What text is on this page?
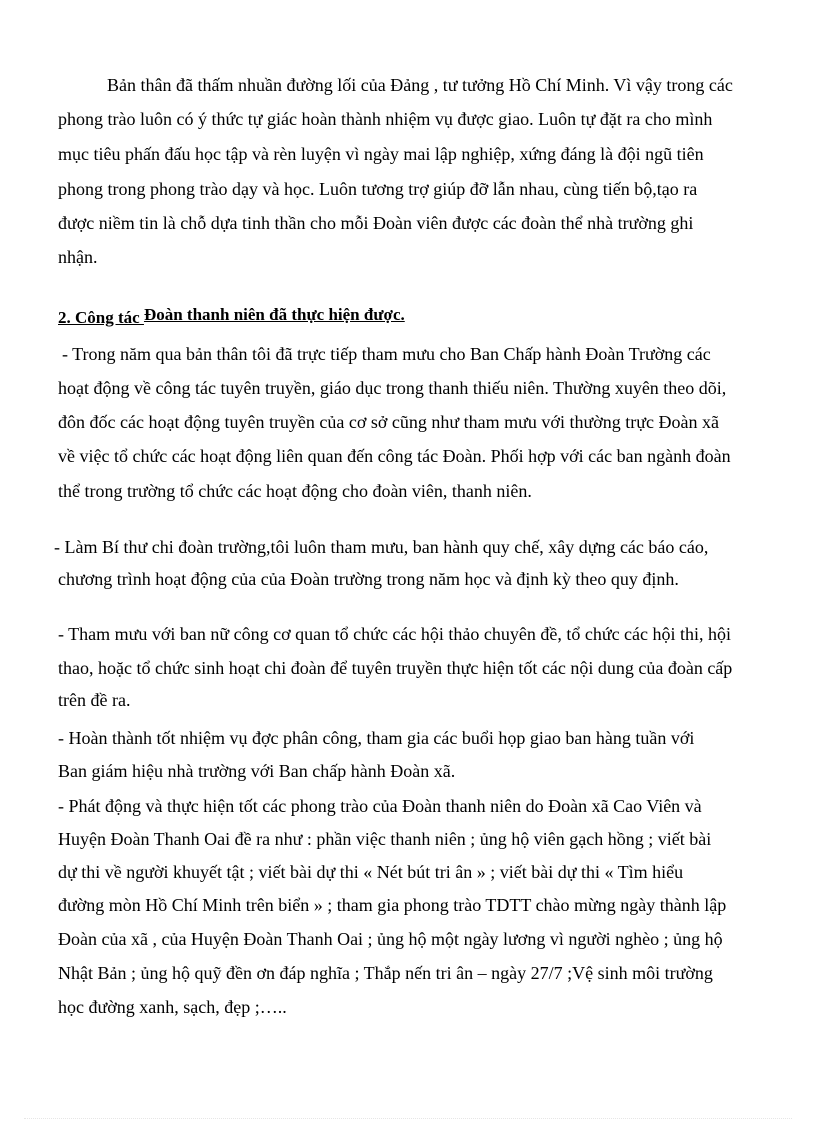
Bản thân đã thấm nhuần đường lối của Đảng , tư tưởng Hồ Chí Minh. Vì vậy trong các
phong trào luôn có ý thức tự giác hoàn thành nhiệm vụ được giao. Luôn tự đặt ra cho mình
mục tiêu phấn đấu học tập và rèn luyện vì ngày mai lập nghiệp, xứng đáng là đội ngũ tiên
phong trong phong trào dạy và học. Luôn tương trợ giúp đỡ lẫn nhau, cùng tiến bộ,tạo ra
được niềm tin là chỗ dựa tinh thần cho mỗi Đoàn viên được các đoàn thể nhà trường ghi
nhận.
2. Công tác Đoàn thanh niên đã thực hiện được.
- Trong năm qua bản thân tôi đã trực tiếp tham mưu cho Ban Chấp hành Đoàn Trường các
hoạt động về công tác tuyên truyền, giáo dục trong thanh thiếu niên. Thường xuyên theo dõi,
đôn đốc các hoạt động tuyên truyền của cơ sở cũng như tham mưu với thường trực Đoàn xã
về việc tổ chức các hoạt động liên quan đến công tác Đoàn. Phối hợp với các ban ngành đoàn
thể trong trường tổ chức các hoạt động cho đoàn viên, thanh niên.
- Làm Bí thư chi đoàn trường,tôi luôn tham mưu, ban hành quy chế, xây dựng các báo cáo,
chương trình hoạt động của của Đoàn trường trong năm học và định kỳ theo quy định.
- Tham mưu với ban nữ công cơ quan tổ chức các hội thảo chuyên đề, tổ chức các hội thi, hội
thao, hoặc tổ chức sinh hoạt chi đoàn để tuyên truyền thực hiện tốt các nội dung của đoàn cấp
trên đề ra.
- Hoàn thành tốt nhiệm vụ đợc phân công, tham gia các buổi họp giao ban hàng tuần với
Ban giám hiệu nhà trường với Ban chấp hành Đoàn xã.
- Phát động và thực hiện tốt các phong trào của Đoàn thanh niên do Đoàn xã Cao Viên và
Huyện Đoàn Thanh Oai đề ra như : phần việc thanh niên ; ủng hộ viên gạch hồng ; viết bài
dự thi về người khuyết tật ; viết bài dự thi « Nét bút tri ân » ; viết bài dự thi « Tìm hiểu
đường mòn Hồ Chí Minh trên biển » ; tham gia phong trào TDTT chào mừng ngày thành lập
Đoàn của xã , của Huyện Đoàn Thanh Oai ; ủng hộ một ngày lương vì người nghèo ; ủng hộ
Nhật Bản ; ủng hộ quỹ đền ơn đáp nghĩa ; Thắp nến tri ân – ngày 27/7 ;Vệ sinh môi trường
học đường xanh, sạch, đẹp ;…..
